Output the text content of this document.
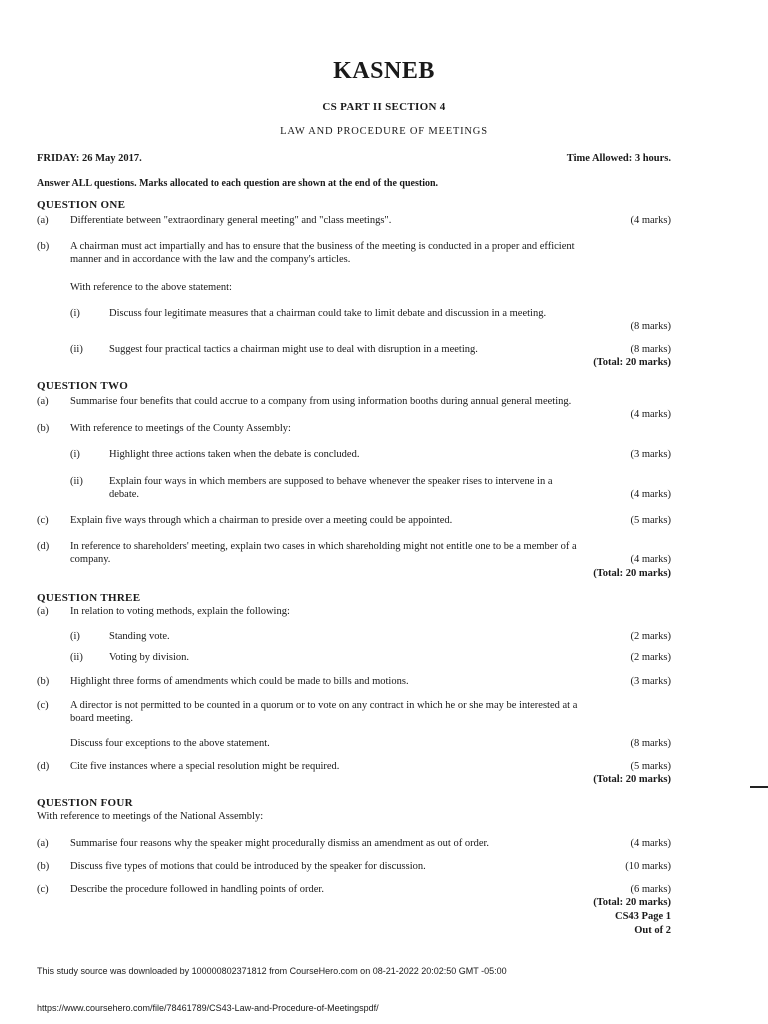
KASNEB
CS PART II SECTION 4
LAW AND PROCEDURE OF MEETINGS
FRIDAY: 26 May 2017.	Time Allowed: 3 hours.
Answer ALL questions. Marks allocated to each question are shown at the end of the question.
QUESTION ONE
(a) Differentiate between "extraordinary general meeting" and "class meetings".	(4 marks)
(b) A chairman must act impartially and has to ensure that the business of the meeting is conducted in a proper and efficient
manner and in accordance with the law and the company's articles.
With reference to the above statement:
(i)	Discuss four legitimate measures that a chairman could take to limit debate and discussion in a meeting.
(8 marks)
(ii) Suggest four practical tactics a chairman might use to deal with disruption in a meeting.	(8 marks)
(Total: 20 marks)
QUESTION TWO
(a) Summarise four benefits that could accrue to a company from using information booths during annual general meeting.
(4 marks)
(b) With reference to meetings of the County Assembly:
(i)	Highlight three actions taken when the debate is concluded.	(3 marks)
(ii) Explain four ways in which members are supposed to behave whenever the speaker rises to intervene in a
debate.	(4 marks)
(c) Explain five ways through which a chairman to preside over a meeting could be appointed.	(5 marks)
(d) In reference to shareholders' meeting, explain two cases in which shareholding might not entitle one to be a member of a
company.	(4 marks)
(Total: 20 marks)
QUESTION THREE
(a) In relation to voting methods, explain the following:
(i)	Standing vote.	(2 marks)
(ii) Voting by division.	(2 marks)
(b) Highlight three forms of amendments which could be made to bills and motions.	(3 marks)
(c) A director is not permitted to be counted in a quorum or to vote on any contract in which he or she may be interested at a
board meeting.
Discuss four exceptions to the above statement.	(8 marks)
(d) Cite five instances where a special resolution might be required.	(5 marks)
(Total: 20 marks)
QUESTION FOUR
With reference to meetings of the National Assembly:
(a) Summarise four reasons why the speaker might procedurally dismiss an amendment as out of order.	(4 marks)
(b) Discuss five types of motions that could be introduced by the speaker for discussion.	(10 marks)
(c) Describe the procedure followed in handling points of order.	(6 marks)
(Total: 20 marks)
CS43 Page 1
Out of 2
This study source was downloaded by 100000802371812 from CourseHero.com on 08-21-2022 20:02:50 GMT -05:00
https://www.coursehero.com/file/78461789/CS43-Law-and-Procedure-of-Meetingspdf/
